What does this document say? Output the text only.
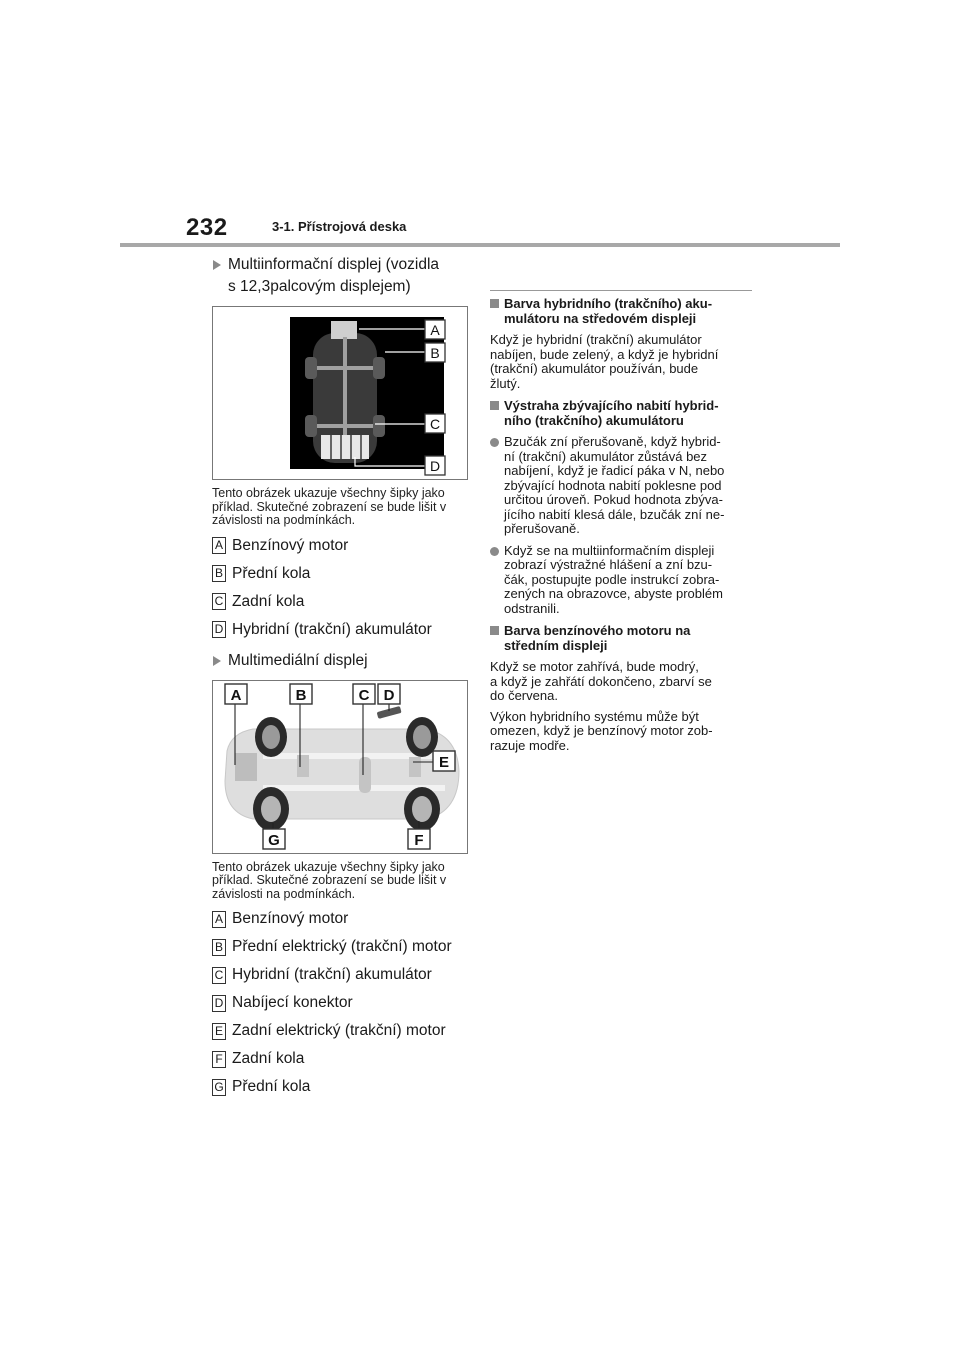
232	3-1. Přístrojová deska
Multiinformační displej (vozidla
s 12,3palcovým displejem)
A
B
C
D
Tento obrázek ukazuje všechny šipky jako příklad. Skutečné zobrazení se bude lišit v závislosti na podmínkách.
A Benzínový motor
B Přední kola
C Zadní kola
D Hybridní (trakční) akumulátor
Multimediální displej
A	B	C D
E
F
G
Tento obrázek ukazuje všechny šipky jako příklad. Skutečné zobrazení se bude lišit v závislosti na podmínkách.
A Benzínový motor
B Přední elektrický (trakční) motor
C Hybridní (trakční) akumulátor
D Nabíjecí konektor
E Zadní elektrický (trakční) motor
F Zadní kola
G Přední kola
Barva hybridního (trakčního) aku-
mulátoru na středovém displeji
Když je hybridní (trakční) akumulátor
nabíjen, bude zelený, a když je hybridní
(trakční) akumulátor používán, bude
žlutý.
Výstraha zbývajícího nabití hybrid-
ního (trakčního) akumulátoru
Bzučák zní přerušovaně, když hybrid-
ní (trakční) akumulátor zůstává bez
nabíjení, když je řadicí páka v N, nebo
zbývající hodnota nabití poklesne pod
určitou úroveň. Pokud hodnota zbýva-
jícího nabití klesá dále, bzučák zní ne-
přerušovaně.
Když se na multiinformačním displeji
zobrazí výstražné hlášení a zní bzu-
čák, postupujte podle instrukcí zobra-
zených na obrazovce, abyste problém
odstranili.
Barva benzínového motoru na
středním displeji
Když se motor zahřívá, bude modrý,
a když je zahřátí dokončeno, zbarví se
do červena.
Výkon hybridního systému může být
omezen, když je benzínový motor zob-
razuje modře.
